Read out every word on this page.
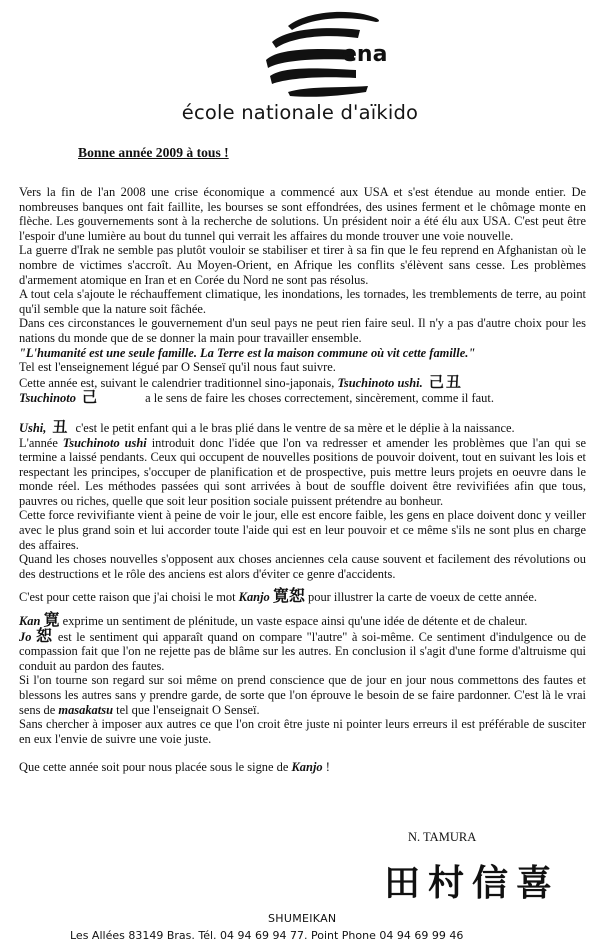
ena
école nationale d'aïkido
Bonne année 2009 à tous !

Vers la fin de l'an 2008 une crise économique a commencé aux USA et s'est étendue au monde entier. De nombreuses banques ont fait faillite, les bourses se sont effondrées, des usines ferment et le chômage monte en flèche. Les gouvernements sont à la recherche de solutions. Un président noir a été élu aux USA. C'est peut être l'espoir d'une lumière au bout du tunnel qui verrait les affaires du monde trouver une voie nouvelle.

La guerre d'Irak ne semble pas plutôt vouloir se stabiliser et tirer à sa fin que le feu reprend en Afghanistan où le nombre de victimes s'accroît. Au Moyen-Orient, en Afrique les conflits s'élèvent sans cesse. Les problèmes d'armement atomique en Iran et en Corée du Nord ne sont pas résolus.

A tout cela s'ajoute le réchauffement climatique, les inondations, les tornades, les tremblements de terre, au point qu'il semble que la nature soit fâchée.

Dans ces circonstances le gouvernement d'un seul pays ne peut rien faire seul. Il n'y a pas d'autre choix pour les nations du monde que de se donner la main pour travailler ensemble.
"L'humanité est une seule famille. La Terre est la maison commune où vit cette famille."

Tel est l'enseignement légué par O Senseï qu'il nous faut suivre.

Cette année est, suivant le calendrier traditionnel sino-japonais, Tsuchinoto ushi. 己丑

Tsuchinoto 己	a le sens de faire les choses correctement, sincèrement, comme il faut.

Ushi, 丑 c'est le petit enfant qui a le bras plié dans le ventre de sa mère et le déplie à la naissance.

L'année Tsuchinoto ushi introduit donc l'idée que l'on va redresser et amender les problèmes que l'an qui se termine a laissé pendants. Ceux qui occupent de nouvelles positions de pouvoir doivent, tout en suivant les lois et respectant les principes, s'occuper de planification et de prospective, puis mettre leurs projets en oeuvre dans le monde réel. Les méthodes passées qui sont arrivées à bout de souffle doivent être revivifiées afin que tous, pauvres ou riches, quelle que soit leur position sociale puissent prétendre au bonheur.

Cette force revivifiante vient à peine de voir le jour, elle est encore faible, les gens en place doivent donc y veiller avec le plus grand soin et lui accorder toute l'aide qui est en leur pouvoir et ce même s'ils ne sont plus en charge des affaires.

Quand les choses nouvelles s'opposent aux choses anciennes cela cause souvent et facilement des révolutions ou des destructions et le rôle des anciens est alors d'éviter ce genre d'accidents.

C'est pour cette raison que j'ai choisi le mot Kanjo 寛恕 pour illustrer la carte de voeux de cette année.

Kan 寛 exprime un sentiment de plénitude, un vaste espace ainsi qu'une idée de détente et de chaleur.

Jo 恕 est le sentiment qui apparaît quand on compare "l'autre" à soi-même. Ce sentiment d'indulgence ou de compassion fait que l'on ne rejette pas de blâme sur les autres. En conclusion il s'agit d'une forme d'altruisme qui conduit au pardon des fautes.

Si l'on tourne son regard sur soi même on prend conscience que de jour en jour nous commettons des fautes et blessons les autres sans y prendre garde, de sorte que l'on éprouve le besoin de se faire pardonner. C'est là le vrai sens de masakatsu tel que l'enseignait O Senseï.

Sans chercher à imposer aux autres ce que l'on croit être juste ni pointer leurs erreurs il est préférable de susciter en eux l'envie de suivre une voie juste.

Que cette année soit pour nous placée sous le signe de Kanjo !

N. TAMURA
田村信喜
SHUMEIKAN
Les Allées 83149 Bras. Tél. 04 94 69 94 77. Point Phone 04 94 69 99 46
